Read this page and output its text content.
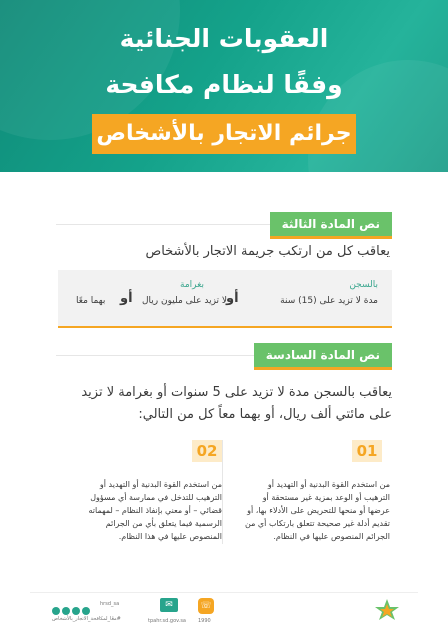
العقوبات الجنائية
وفقًا لنظام مكافحة
جرائم الاتجار بالأشخاص
نص المادة الثالثة
يعاقب كل من ارتكب جريمة الاتجار بالأشخاص
بالسجن
مدة لا تزيد على (15) سنة
أو
بغرامة
لا تزيد على مليون ريال
أو
بهما معًا
نص المادة السادسة
يعاقب بالسجن مدة لا تزيد على 5 سنوات أو بغرامة لا تزيد على مائتي ألف ريال، أو بهما معاً كل من التالي:
01
من استخدم القوة البدنية أو التهديد أو الترهيب أو الوعد بمزية غير مستحقة أو عرضها أو منحها للتحريض على الأدلاء بها، أو تقديم أدلة غير صحيحة تتعلق بارتكاب أي من الجرائم المنصوص عليها في النظام.
02
من استخدم القوة البدنية أو التهديد أو الترهيب للتدخل في ممارسة أي مسؤول قضائي – أو معني بإنفاذ النظام – لمهماته الرسمية فيما يتعلق بأي من الجرائم المنصوص عليها في هذا النظام.
☏
1990
✉
tpahr.sd.gov.sa
hrsd_sa
#معًا_لمكافحة_الاتجار_بالأشخاص
